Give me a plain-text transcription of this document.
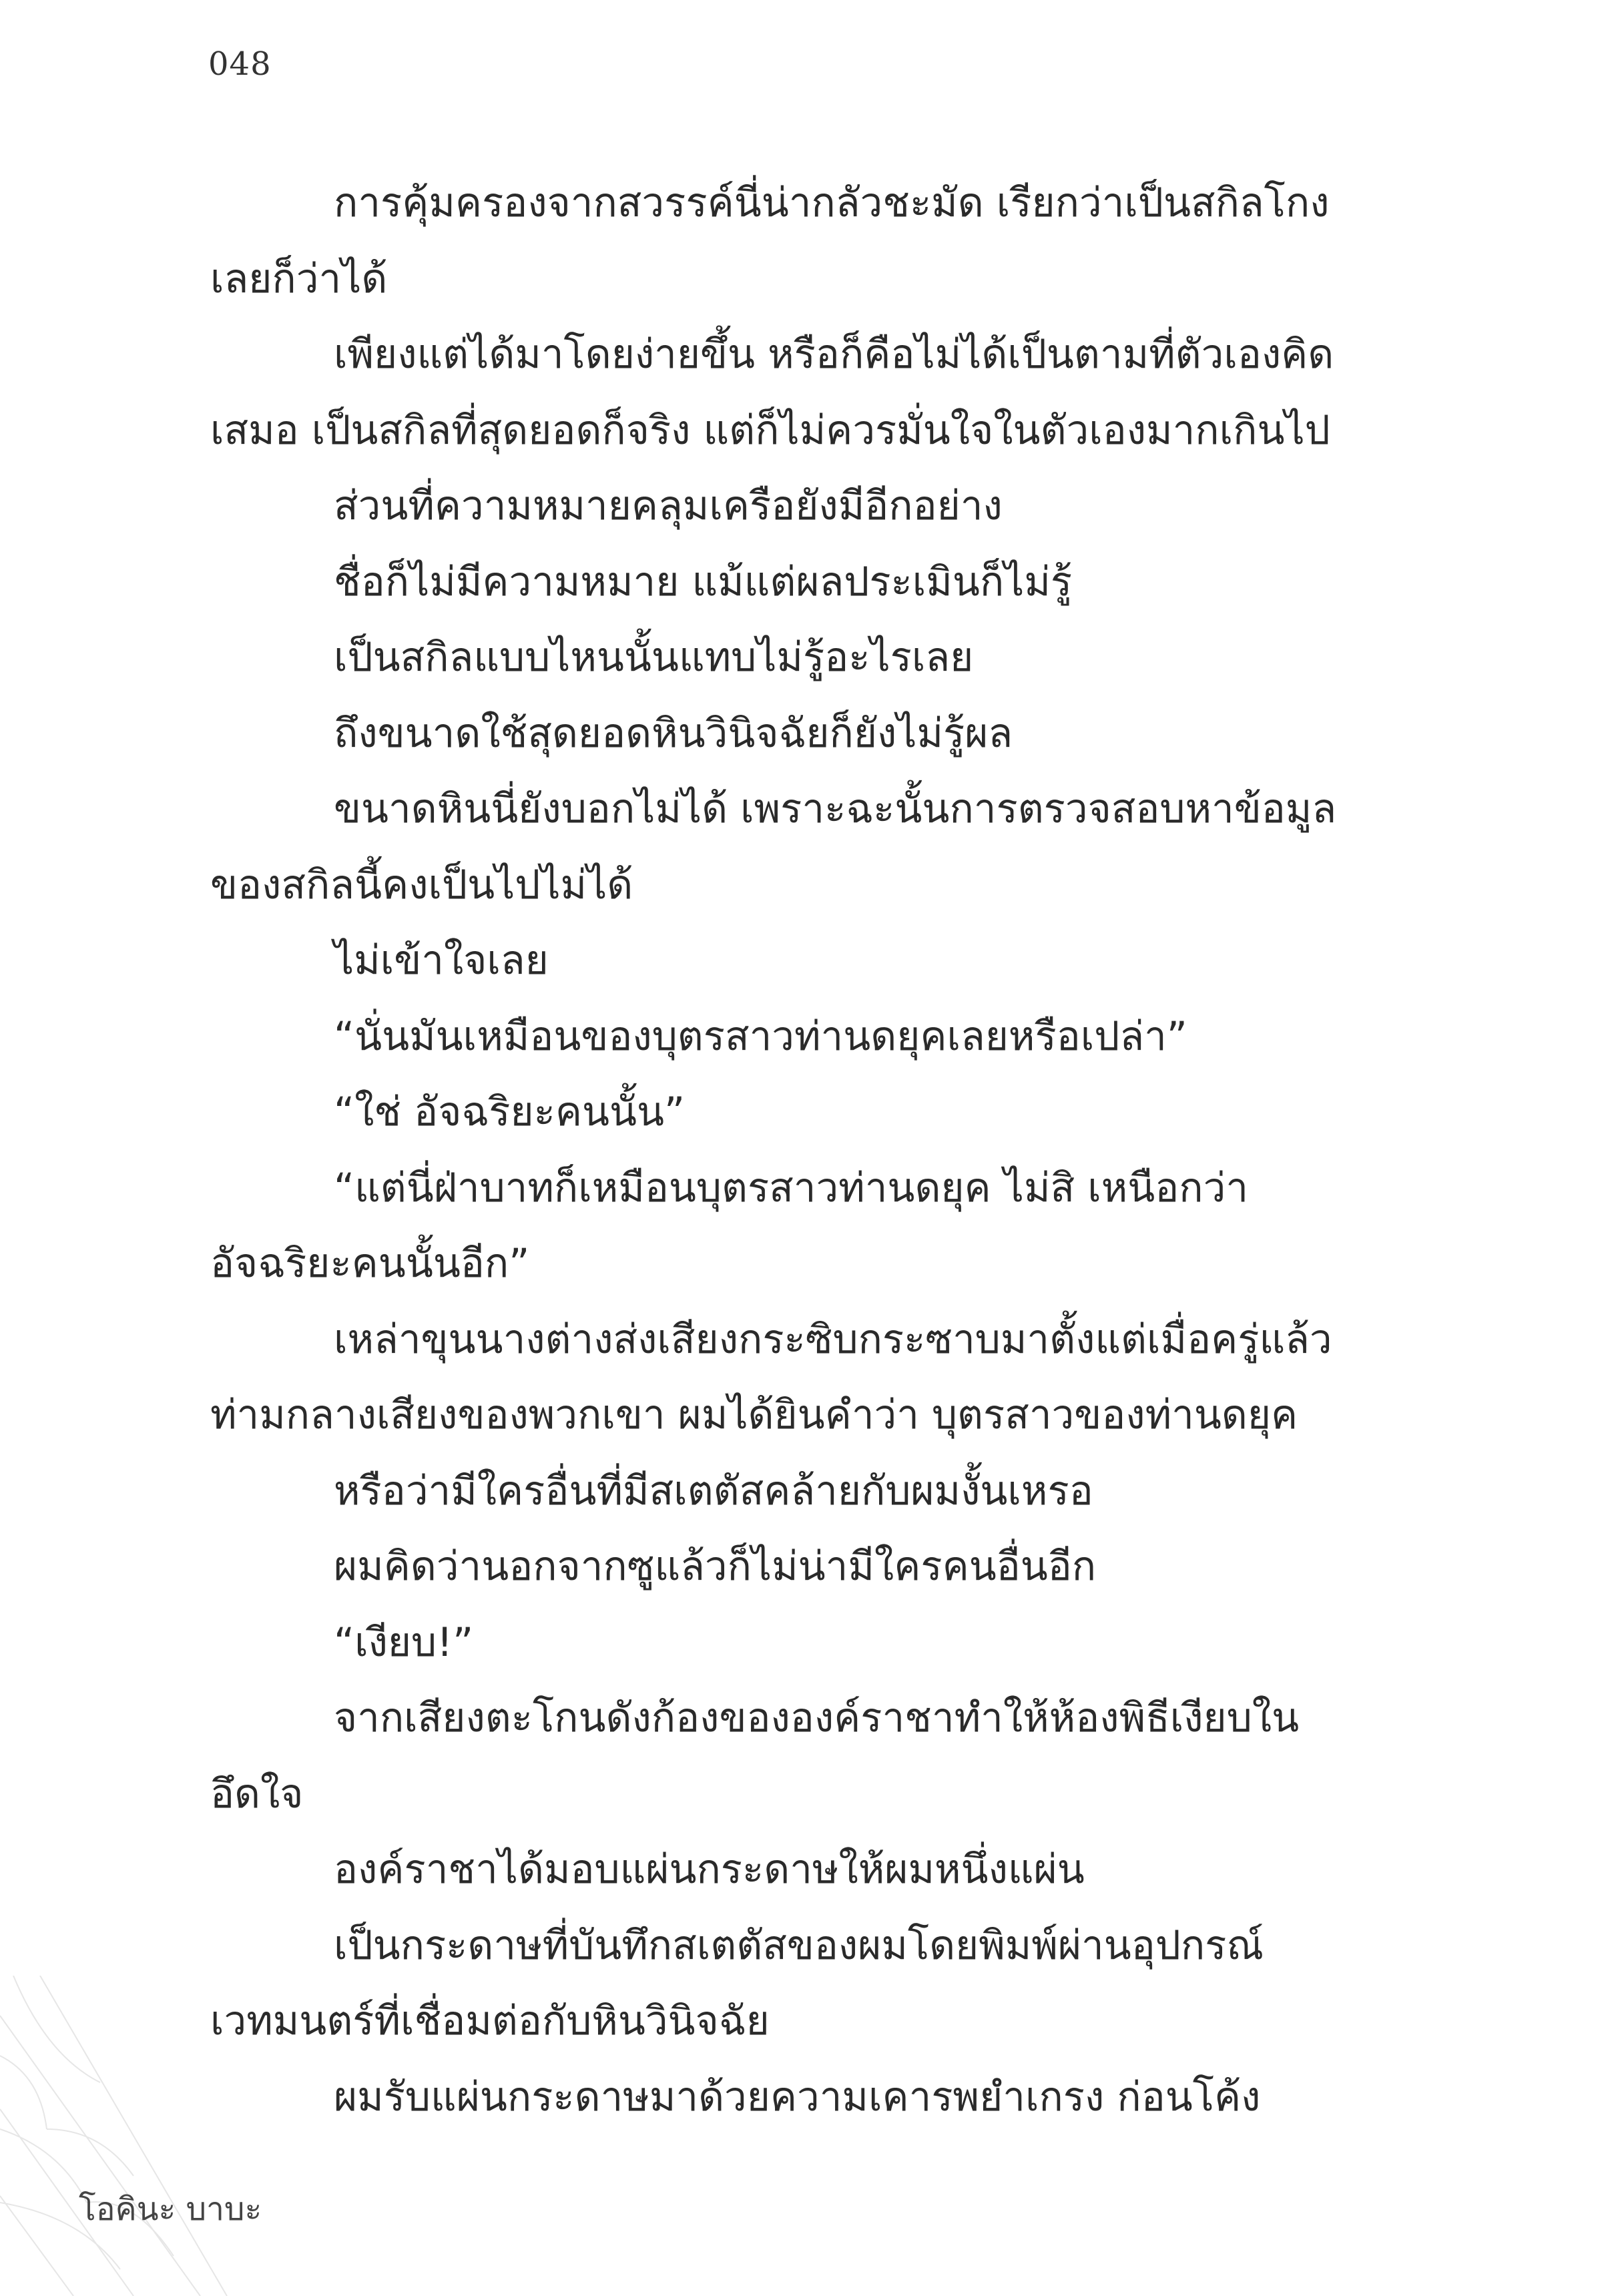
048

การคุ้มครองจากสวรรค์นี่น่ากลัวชะมัด เรียกว่าเป็นสกิลโกง
เลยก็ว่าได้

เพียงแต่ได้มาโดยง่ายขึ้น หรือก็คือไม่ได้เป็นตามที่ตัวเองคิด
เสมอ เป็นสกิลที่สุดยอดก็จริง แต่ก็ไม่ควรมั่นใจในตัวเองมากเกินไป

ส่วนที่ความหมายคลุมเครือยังมีอีกอย่าง

ชื่อก็ไม่มีความหมาย แม้แต่ผลประเมินก็ไม่รู้

เป็นสกิลแบบไหนนั้นแทบไม่รู้อะไรเลย

ถึงขนาดใช้สุดยอดหินวินิจฉัยก็ยังไม่รู้ผล

ขนาดหินนี่ยังบอกไม่ได้ เพราะฉะนั้นการตรวจสอบหาข้อมูล
ของสกิลนี้คงเป็นไปไม่ได้

ไม่เข้าใจเลย

“นั่นมันเหมือนของบุตรสาวท่านดยุคเลยหรือเปล่า”

“ใช่ อัจฉริยะคนนั้น”

“แต่นี่ฝ่าบาทก็เหมือนบุตรสาวท่านดยุค ไม่สิ เหนือกว่า
อัจฉริยะคนนั้นอีก”

เหล่าขุนนางต่างส่งเสียงกระซิบกระซาบมาตั้งแต่เมื่อครู่แล้ว
ท่ามกลางเสียงของพวกเขา ผมได้ยินคำว่า บุตรสาวของท่านดยุค

หรือว่ามีใครอื่นที่มีสเตตัสคล้ายกับผมงั้นเหรอ

ผมคิดว่านอกจากซูแล้วก็ไม่น่ามีใครคนอื่นอีก

“เงียบ!”

จากเสียงตะโกนดังก้องขององค์ราชาทำให้ห้องพิธีเงียบใน
อึดใจ

องค์ราชาได้มอบแผ่นกระดาษให้ผมหนึ่งแผ่น

เป็นกระดาษที่บันทึกสเตตัสของผมโดยพิมพ์ผ่านอุปกรณ์
เวทมนตร์ที่เชื่อมต่อกับหินวินิจฉัย

ผมรับแผ่นกระดาษมาด้วยความเคารพยำเกรง ก่อนโค้ง

โอคินะ บาบะ
